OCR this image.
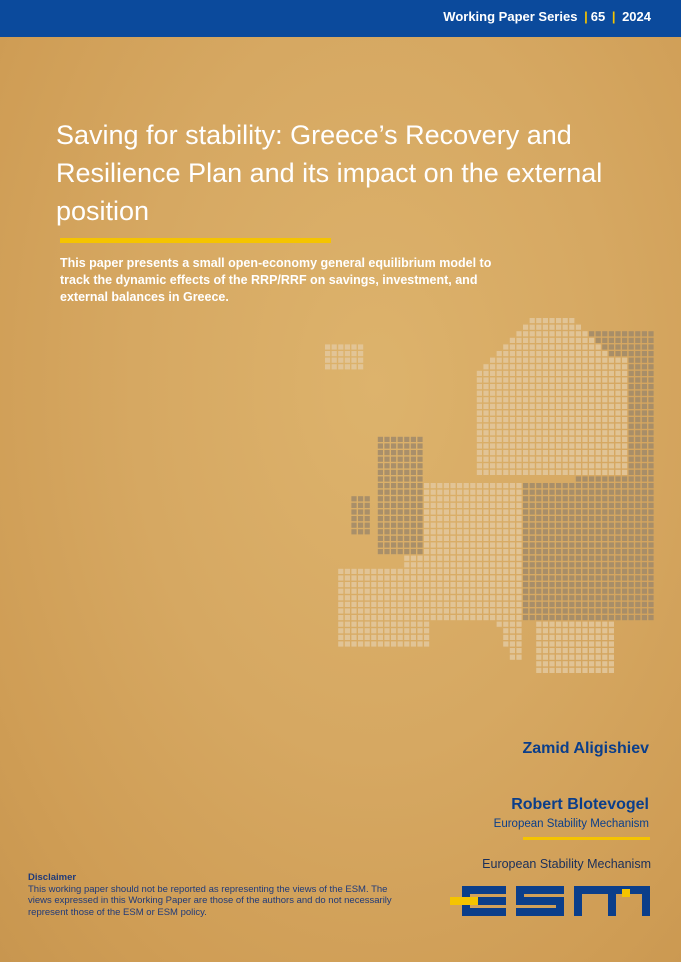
Working Paper Series | 65 | 2024
Saving for stability: Greece’s Recovery and Resilience Plan and its impact on the external position

This paper presents a small open-economy general equilibrium model to track the dynamic effects of the RRP/RRF on savings, investment, and external balances in Greece.

Zamid Aligishiev
Robert Blotevogel
European Stability Mechanism
European Stability Mechanism
Disclaimer
This working paper should not be reported as representing the views of the ESM. The views expressed in this Working Paper are those of the authors and do not necessarily represent those of the ESM or ESM policy.
